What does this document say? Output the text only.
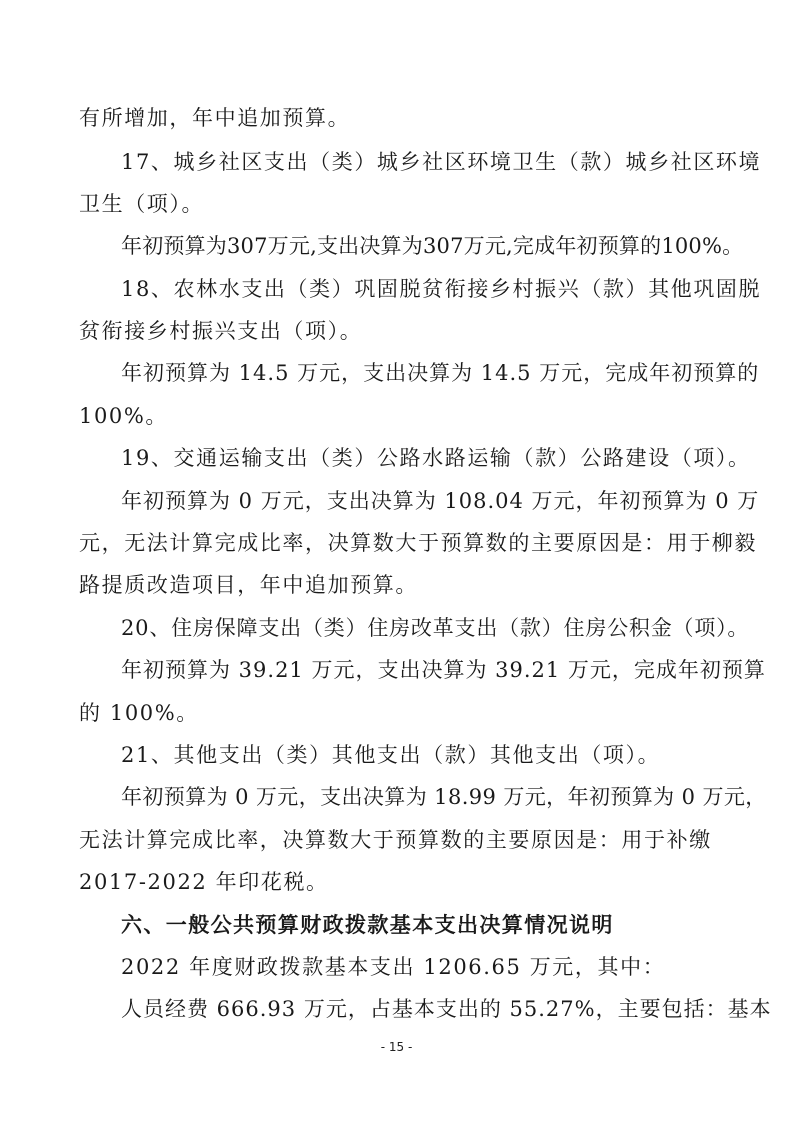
有所增加，年中追加预算。
17、城乡社区支出（类）城乡社区环境卫生（款）城乡社区环境
卫生（项）。
年初预算为307万元,支出决算为307万元,完成年初预算的100%。
18、农林水支出（类）巩固脱贫衔接乡村振兴（款）其他巩固脱
贫衔接乡村振兴支出（项）。
年初预算为 14.5 万元，支出决算为 14.5 万元，完成年初预算的
100%。
19、交通运输支出（类）公路水路运输（款）公路建设（项）。
年初预算为 0 万元，支出决算为 108.04 万元，年初预算为 0 万
元，无法计算完成比率，决算数大于预算数的主要原因是：用于柳毅
路提质改造项目，年中追加预算。
20、住房保障支出（类）住房改革支出（款）住房公积金（项）。
年初预算为 39.21 万元，支出决算为 39.21 万元，完成年初预算
的 100%。
21、其他支出（类）其他支出（款）其他支出（项）。
年初预算为 0 万元，支出决算为 18.99 万元，年初预算为 0 万元，
无法计算完成比率，决算数大于预算数的主要原因是：用于补缴
2017-2022 年印花税。
六、一般公共预算财政拨款基本支出决算情况说明
2022 年度财政拨款基本支出 1206.65 万元，其中：
人员经费 666.93 万元，占基本支出的 55.27%，主要包括：基本
- 15 -
